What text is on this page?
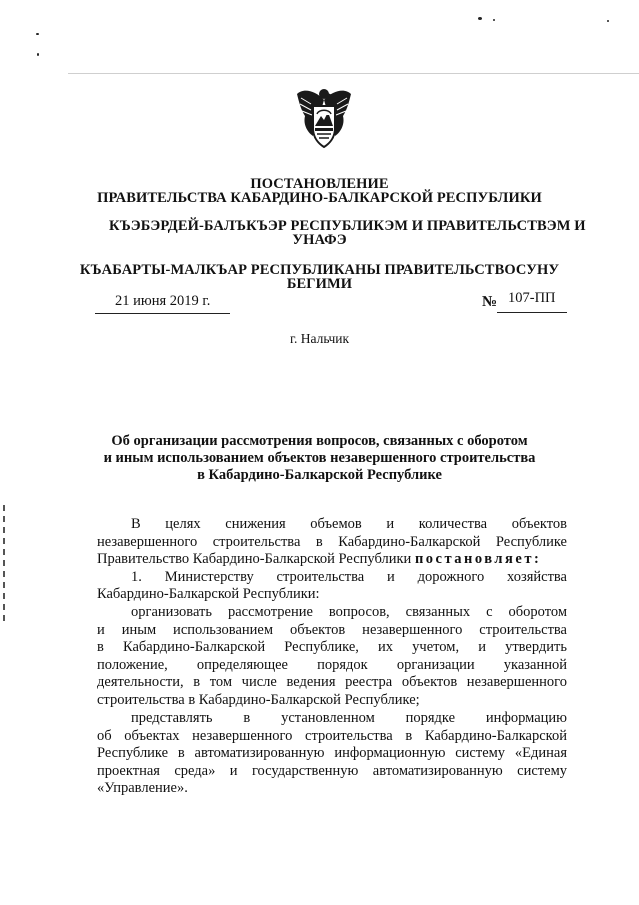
ПОСТАНОВЛЕНИЕ
ПРАВИТЕЛЬСТВА КАБАРДИНО-БАЛКАРСКОЙ РЕСПУБЛИКИ
КЪЭБЭРДЕЙ-БАЛЪКЪЭР РЕСПУБЛИКЭМ И ПРАВИТЕЛЬСТВЭМ И
УНАФЭ
КЪАБАРТЫ-МАЛКЪАР РЕСПУБЛИКАНЫ ПРАВИТЕЛЬСТВОСУНУ
БЕГИМИ
21 июня 2019 г.	№ 107-ПП
г. Нальчик
Об организации рассмотрения вопросов, связанных с оборотом
и иным использованием объектов незавершенного строительства
в Кабардино-Балкарской Республике
В целях снижения объемов и количества объектов
незавершенного строительства в Кабардино-Балкарской Республике
Правительство Кабардино-Балкарской Республики постановляет:
1. Министерству строительства и дорожного хозяйства
Кабардино-Балкарской Республики:
организовать рассмотрение вопросов, связанных с оборотом
и иным использованием объектов незавершенного строительства
в Кабардино-Балкарской Республике, их учетом, и утвердить
положение, определяющее порядок организации указанной
деятельности, в том числе ведения реестра объектов незавершенного
строительства в Кабардино-Балкарской Республике;
представлять в установленном порядке информацию
об объектах незавершенного строительства в Кабардино-Балкарской
Республике в автоматизированную информационную систему «Единая
проектная среда» и государственную автоматизированную систему
«Управление».
